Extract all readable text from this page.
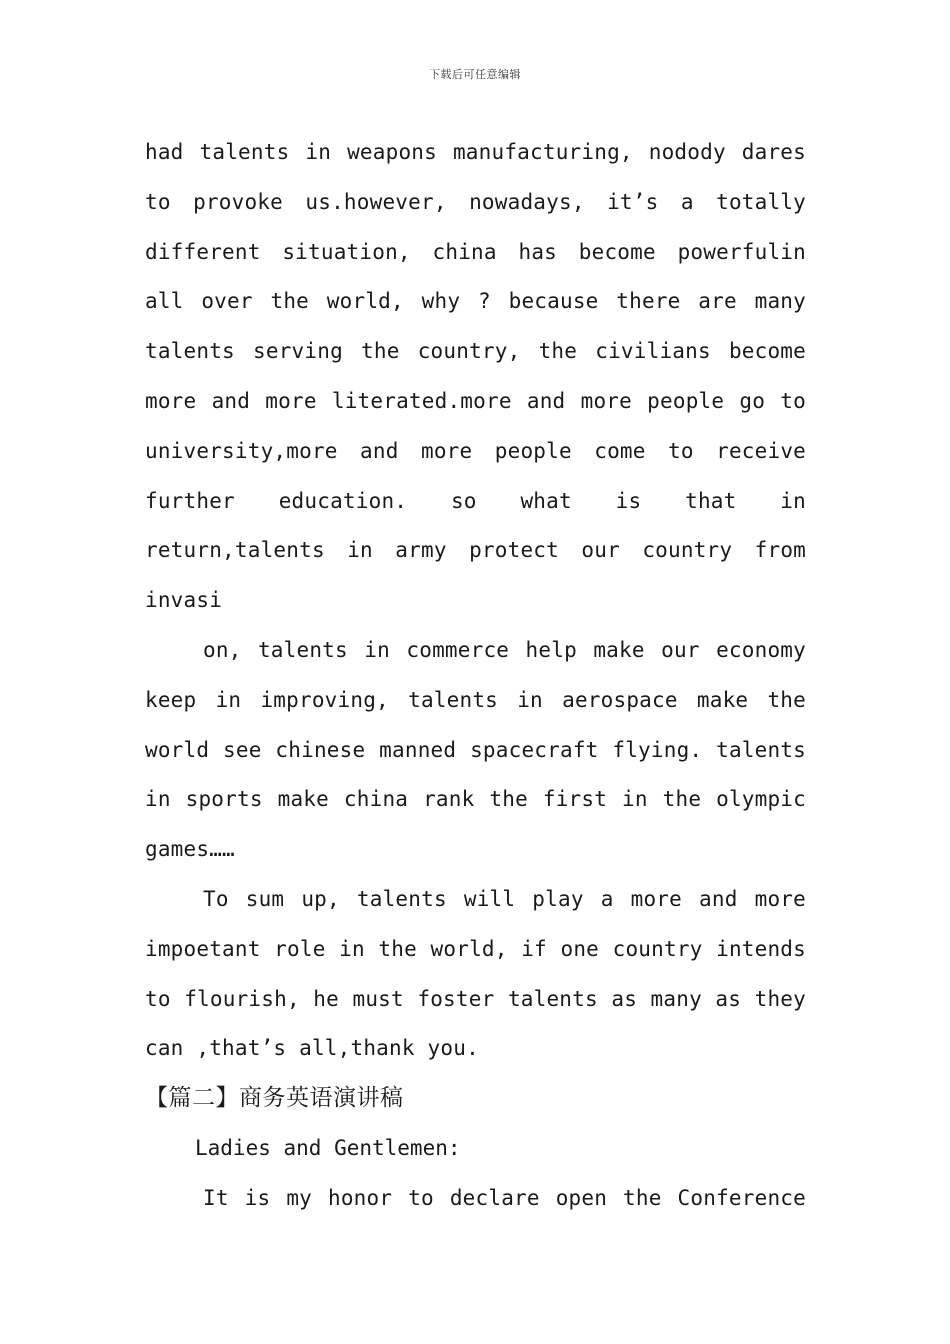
下载后可任意编辑

had talents in weapons manufacturing, nodody dares to provoke us.however, nowadays, it’s a totally different situation, china has become powerfulin all over the world, why ? because there are many talents serving the country, the civilians become more and more literated.more and more people go to university,more and more people come to receive further education. so what is that in return,talents in army protect our country from invasi

on, talents in commerce help make our economy keep in improving, talents in aerospace make the world see chinese manned spacecraft flying. talents in sports make china rank the first in the olympic games……

To sum up, talents will play a more and more impoetant role in the world, if one country intends to flourish, he must foster talents as many as they can ,that’s all,thank you.

【篇二】商务英语演讲稿

Ladies and Gentlemen:

It is my honor to declare open the Conference
